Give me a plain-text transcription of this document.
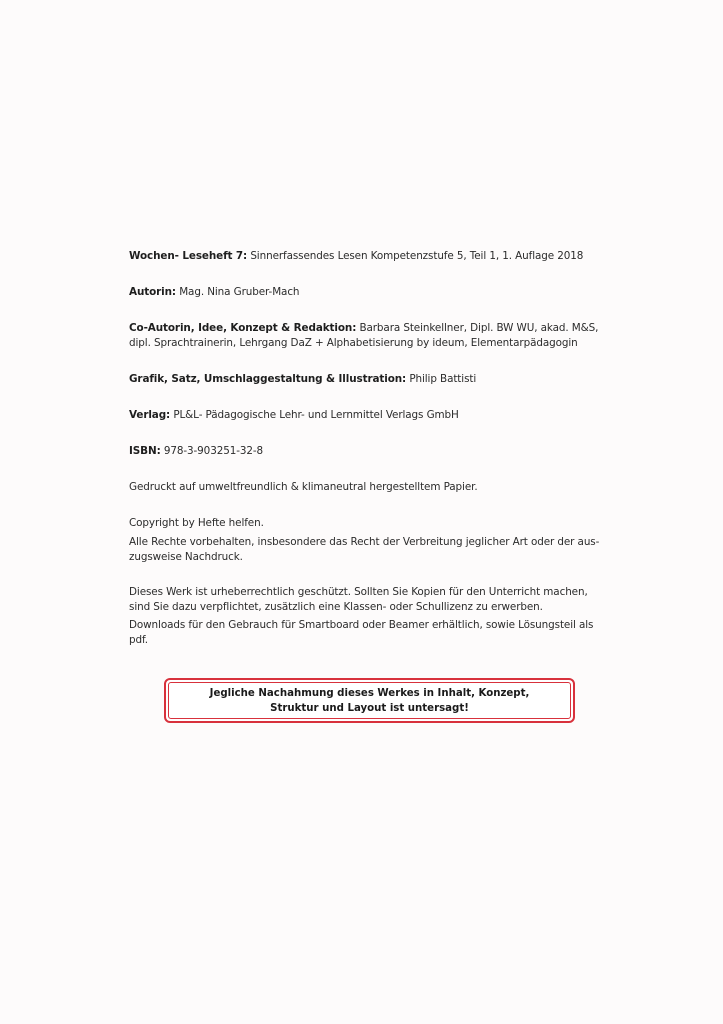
Wochen- Leseheft 7: Sinnerfassendes Lesen Kompetenzstufe 5, Teil 1, 1. Auflage 2018

Autorin: Mag. Nina Gruber-Mach

Co-Autorin, Idee, Konzept & Redaktion: Barbara Steinkellner, Dipl. BW WU, akad. M&S, dipl. Sprachtrainerin, Lehrgang DaZ + Alphabetisierung by ideum, Elementarpädagogin

Grafik, Satz, Umschlaggestaltung & Illustration: Philip Battisti

Verlag: PL&L- Pädagogische Lehr- und Lernmittel Verlags GmbH

ISBN: 978-3-903251-32-8

Gedruckt auf umweltfreundlich & klimaneutral hergestelltem Papier.

Copyright by Hefte helfen.

Alle Rechte vorbehalten, insbesondere das Recht der Verbreitung jeglicher Art oder der aus-zugsweise Nachdruck.

Dieses Werk ist urheberrechtlich geschützt. Sollten Sie Kopien für den Unterricht machen, sind Sie dazu verpflichtet, zusätzlich eine Klassen- oder Schullizenz zu erwerben.

Downloads für den Gebrauch für Smartboard oder Beamer erhältlich, sowie Lösungsteil als pdf.

Jegliche Nachahmung dieses Werkes in Inhalt, Konzept,
Struktur und Layout ist untersagt!
